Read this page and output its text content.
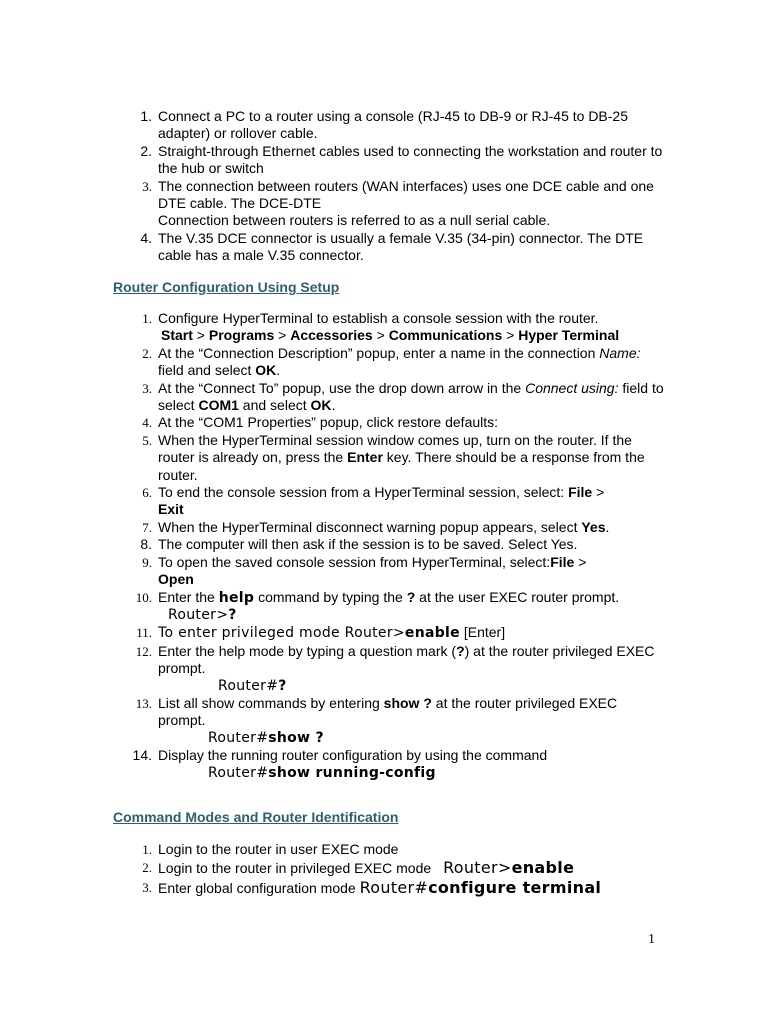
1. Connect a PC to a router using a console (RJ-45 to DB-9 or RJ-45 to DB-25 adapter) or rollover cable.
2. Straight-through Ethernet cables used to connecting the workstation and router to the hub or switch
3. The connection between routers (WAN interfaces) uses one DCE cable and one DTE cable. The DCE-DTE
Connection between routers is referred to as a null serial cable.
4. The V.35 DCE connector is usually a female V.35 (34-pin) connector. The DTE cable has a male V.35 connector.
Router Configuration Using Setup
1. Configure HyperTerminal to establish a console session with the router.
Start > Programs > Accessories > Communications > Hyper Terminal
2. At the “Connection Description” popup, enter a name in the connection Name: field and select OK.
3. At the “Connect To” popup, use the drop down arrow in the Connect using: field to select COM1 and select OK.
4. At the “COM1 Properties” popup, click restore defaults:
5. When the HyperTerminal session window comes up, turn on the router. If the router is already on, press the Enter key. There should be a response from the router.
6. To end the console session from a HyperTerminal session, select: File >
Exit
7. When the HyperTerminal disconnect warning popup appears, select Yes.
8. The computer will then ask if the session is to be saved. Select Yes.
9. To open the saved console session from HyperTerminal, select:File >
Open
10. Enter the help command by typing the ? at the user EXEC router prompt.
Router>?
11. To enter privileged mode Router>enable [Enter]
12. Enter the help mode by typing a question mark (?) at the router privileged EXEC prompt.
Router#?
13. List all show commands by entering show ? at the router privileged EXEC prompt.
Router#show ?
14. Display the running router configuration by using the command
Router#show running-config
Command Modes and Router Identification
1. Login to the router in user EXEC mode
2. Login to the router in privileged EXEC mode Router>enable
3. Enter global configuration mode Router#configure terminal
1
